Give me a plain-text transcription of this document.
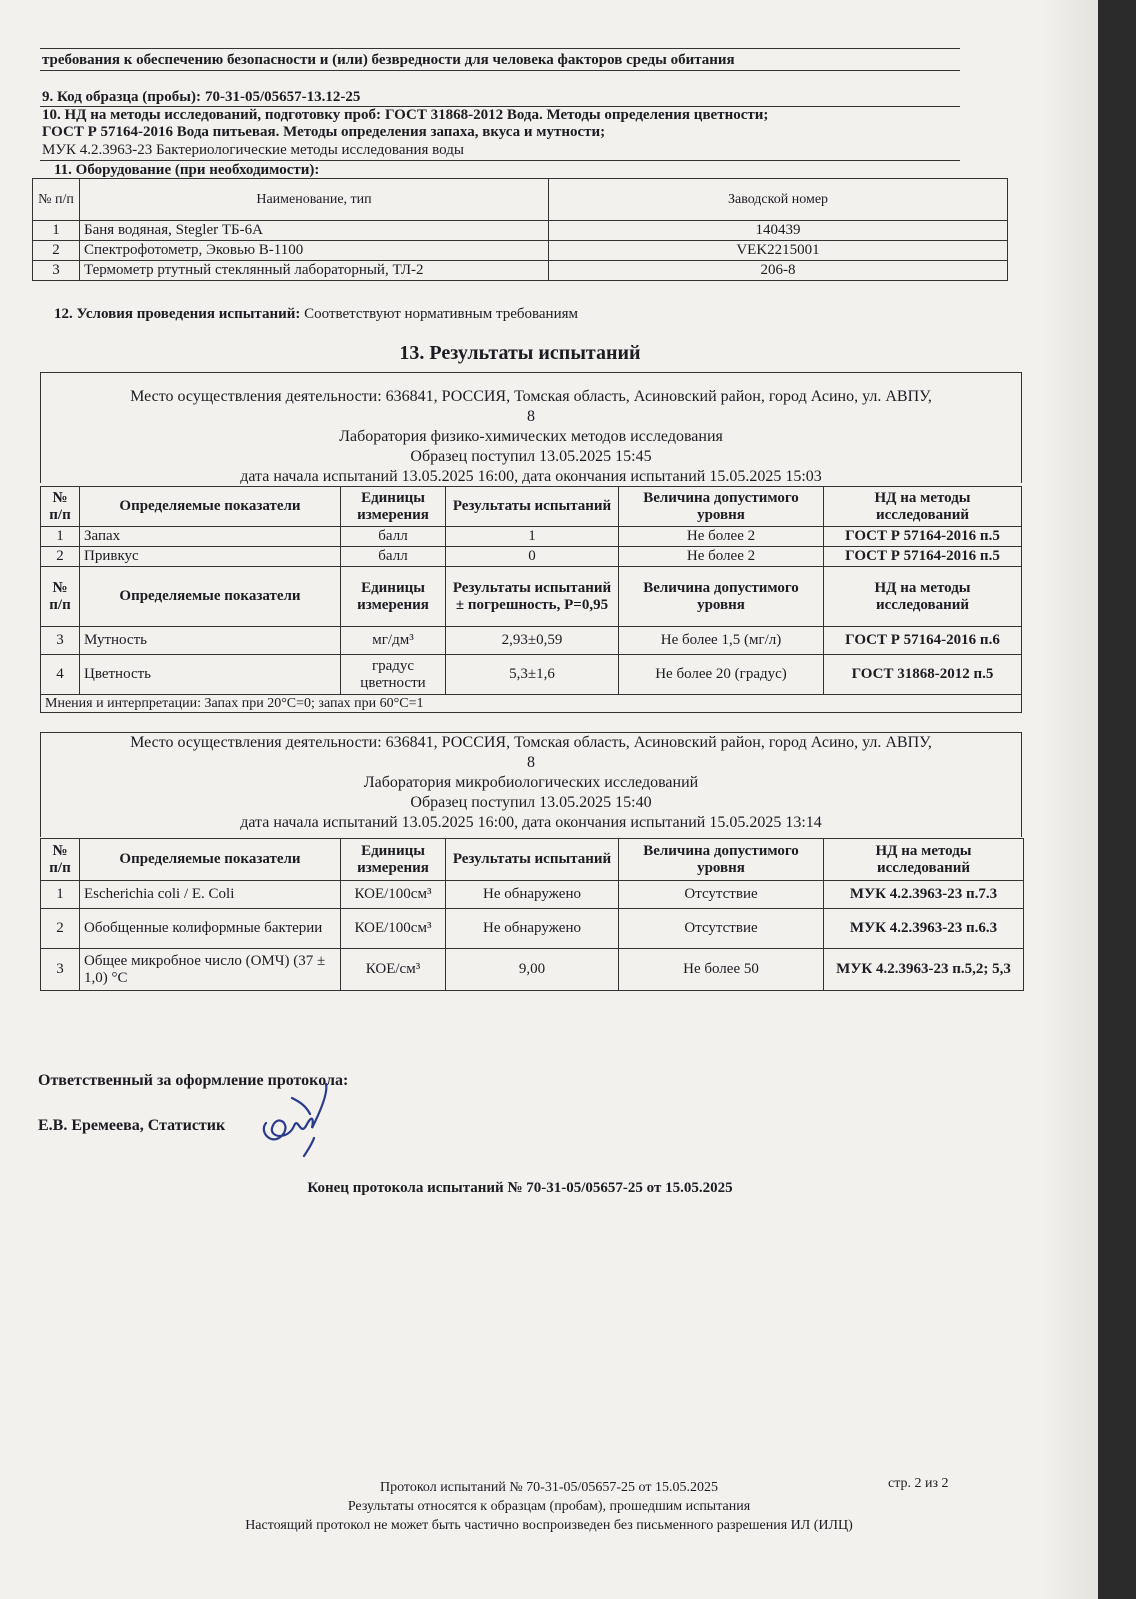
требования к обеспечению безопасности и (или) безвредности для человека факторов среды обитания
9. Код образца (пробы): 70-31-05/05657-13.12-25
10. НД на методы исследований, подготовку проб: ГОСТ 31868-2012 Вода. Методы определения цветности;
ГОСТ Р 57164-2016 Вода питьевая. Методы определения запаха, вкуса и мутности;
МУК 4.2.3963-23 Бактериологические методы исследования воды
11. Оборудование (при необходимости):
№ п/п	Наименование, тип	Заводской номер
1	Баня водяная, Stegler ТБ-6А	140439
2	Спектрофотометр, Эковью В-1100	VEK2215001
3	Термометр ртутный стеклянный лабораторный, ТЛ-2	206-8
12. Условия проведения испытаний: Соответствуют нормативным требованиям
13. Результаты испытаний
Место осуществления деятельности: 636841, РОССИЯ, Томская область, Асиновский район, город Асино, ул. АВПУ,
8
Лаборатория физико-химических методов исследования
Образец поступил 13.05.2025 15:45
дата начала испытаний 13.05.2025 16:00, дата окончания испытаний 15.05.2025 15:03
№ п/п	Определяемые показатели	Единицы измерения	Результаты испытаний	Величина допустимого уровня	НД на методы исследований
1	Запах	балл	1	Не более 2	ГОСТ Р 57164-2016 п.5
2	Привкус	балл	0	Не более 2	ГОСТ Р 57164-2016 п.5
№ п/п	Определяемые показатели	Единицы измерения	Результаты испытаний ± погрешность, P=0,95	Величина допустимого уровня	НД на методы исследований
3	Мутность	мг/дм³	2,93±0,59	Не более 1,5 (мг/л)	ГОСТ Р 57164-2016 п.6
4	Цветность	градус цветности	5,3±1,6	Не более 20 (градус)	ГОСТ 31868-2012 п.5
Мнения и интерпретации: Запах при 20°С=0; запах при 60°С=1					
Место осуществления деятельности: 636841, РОССИЯ, Томская область, Асиновский район, город Асино, ул. АВПУ,
8
Лаборатория микробиологических исследований
Образец поступил 13.05.2025 15:40
дата начала испытаний 13.05.2025 16:00, дата окончания испытаний 15.05.2025 13:14
№ п/п	Определяемые показатели	Единицы измерения	Результаты испытаний	Величина допустимого уровня	НД на методы исследований
1	Escherichia coli / E. Coli	КОЕ/100см³	Не обнаружено	Отсутствие	МУК 4.2.3963-23 п.7.3
2	Обобщенные колиформные бактерии	КОЕ/100см³	Не обнаружено	Отсутствие	МУК 4.2.3963-23 п.6.3
3	Общее микробное число (ОМЧ) (37 ± 1,0) °С	КОЕ/см³	9,00	Не более 50	МУК 4.2.3963-23 п.5,2; 5,3
Ответственный за оформление протокола:
Е.В. Еремеева, Статистик
Конец протокола испытаний № 70-31-05/05657-25 от 15.05.2025
Протокол испытаний № 70-31-05/05657-25 от 15.05.2025	стр. 2 из 2
Результаты относятся к образцам (пробам), прошедшим испытания
Настоящий протокол не может быть частично воспроизведен без письменного разрешения ИЛ (ИЛЦ)
